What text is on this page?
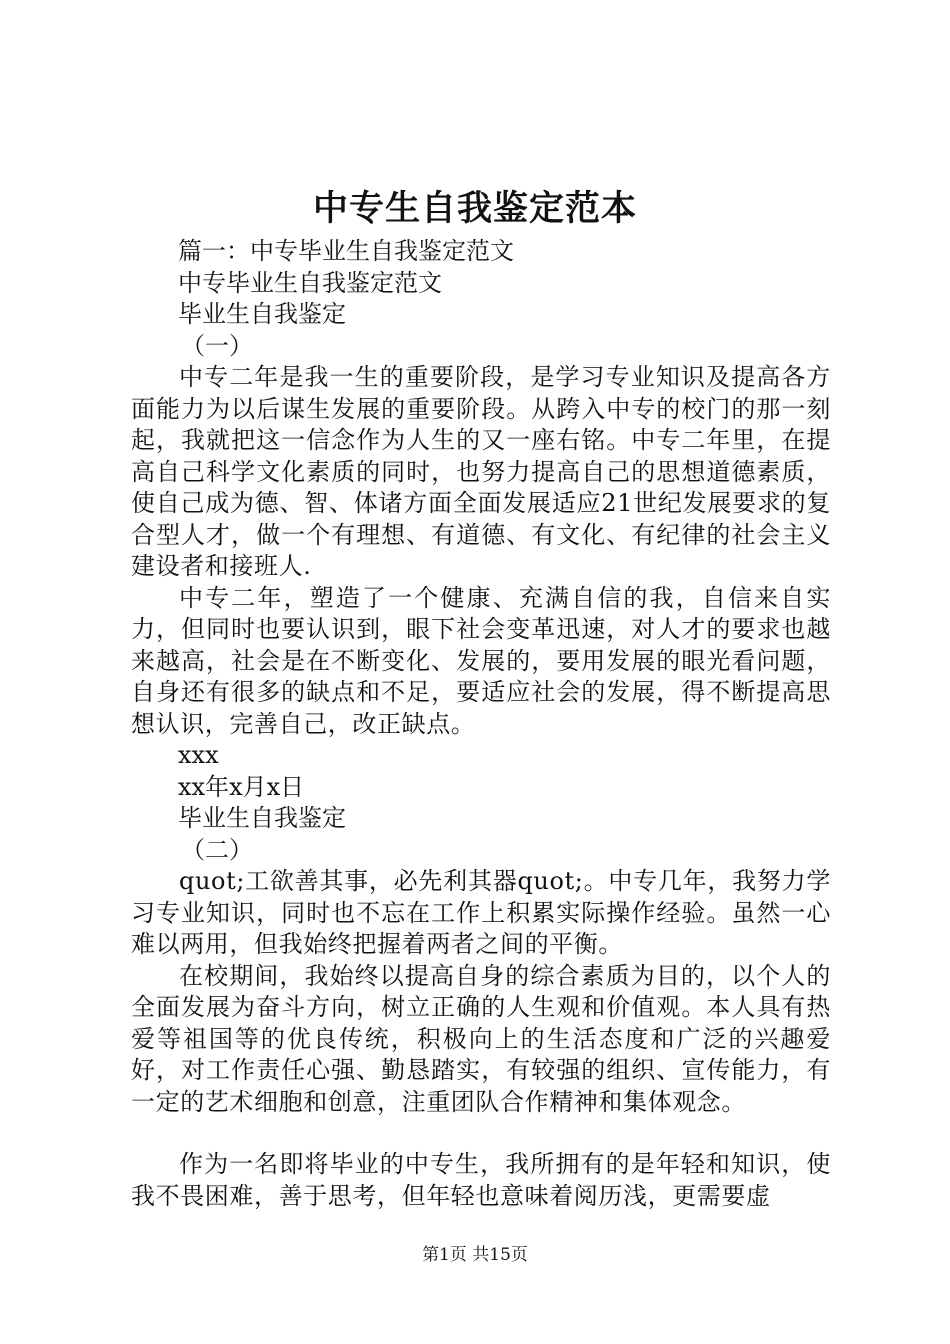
中专生自我鉴定范本
篇一：中专毕业生自我鉴定范文
中专毕业生自我鉴定范文
毕业生自我鉴定
（一）
中专二年是我一生的重要阶段，是学习专业知识及提高各方面能力为以后谋生发展的重要阶段。从跨入中专的校门的那一刻起，我就把这一信念作为人生的又一座右铭。中专二年里，在提高自己科学文化素质的同时，也努力提高自己的思想道德素质，使自己成为德、智、体诸方面全面发展适应21世纪发展要求的复合型人才，做一个有理想、有道德、有文化、有纪律的社会主义建设者和接班人.
中专二年，塑造了一个健康、充满自信的我，自信来自实力，但同时也要认识到，眼下社会变革迅速，对人才的要求也越来越高，社会是在不断变化、发展的，要用发展的眼光看问题，自身还有很多的缺点和不足，要适应社会的发展，得不断提高思想认识，完善自己，改正缺点。
xxx
xx年x月x日
毕业生自我鉴定
（二）
quot;工欲善其事，必先利其器quot;。中专几年，我努力学习专业知识，同时也不忘在工作上积累实际操作经验。虽然一心难以两用，但我始终把握着两者之间的平衡。
在校期间，我始终以提高自身的综合素质为目的，以个人的全面发展为奋斗方向，树立正确的人生观和价值观。本人具有热爱等祖国等的优良传统，积极向上的生活态度和广泛的兴趣爱好，对工作责任心强、勤恳踏实，有较强的组织、宣传能力，有一定的艺术细胞和创意，注重团队合作精神和集体观念。
作为一名即将毕业的中专生，我所拥有的是年轻和知识，使我不畏困难，善于思考，但年轻也意味着阅历浅，更需要虚
第1页 共15页
